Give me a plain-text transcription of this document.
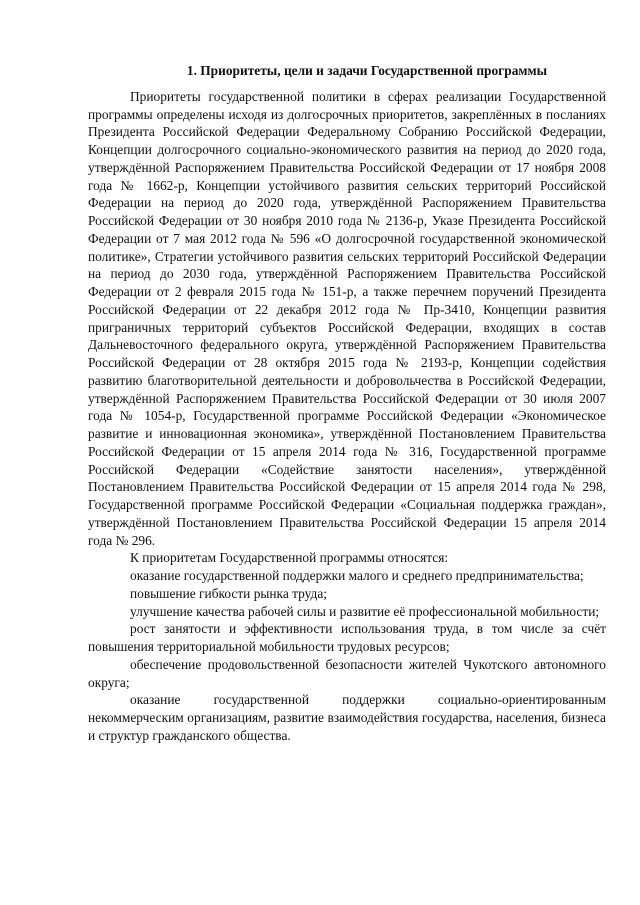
1. Приоритеты, цели и задачи Государственной программы

Приоритеты государственной политики в сферах реализации Государственной программы определены исходя из долгосрочных приоритетов, закреплённых в посланиях Президента Российской Федерации Федеральному Собранию Российской Федерации, Концепции долгосрочного социально-экономического развития на период до 2020 года, утверждённой Распоряжением Правительства Российской Федерации от 17 ноября 2008 года № 1662-р, Концепции устойчивого развития сельских территорий Российской Федерации на период до 2020 года, утверждённой Распоряжением Правительства Российской Федерации от 30 ноября 2010 года № 2136-р, Указе Президента Российской Федерации от 7 мая 2012 года № 596 «О долгосрочной государственной экономической политике», Стратегии устойчивого развития сельских территорий Российской Федерации на период до 2030 года, утверждённой Распоряжением Правительства Российской Федерации от 2 февраля 2015 года № 151-р, а также перечнем поручений Президента Российской Федерации от 22 декабря 2012 года № Пр-3410, Концепции развития приграничных территорий субъектов Российской Федерации, входящих в состав Дальневосточного федерального округа, утверждённой Распоряжением Правительства Российской Федерации от 28 октября 2015 года № 2193-р, Концепции содействия развитию благотворительной деятельности и добровольчества в Российской Федерации, утверждённой Распоряжением Правительства Российской Федерации от 30 июля 2007 года № 1054-р, Государственной программе Российской Федерации «Экономическое развитие и инновационная экономика», утверждённой Постановлением Правительства Российской Федерации от 15 апреля 2014 года № 316, Государственной программе Российской Федерации «Содействие занятости населения», утверждённой Постановлением Правительства Российской Федерации от 15 апреля 2014 года № 298, Государственной программе Российской Федерации «Социальная поддержка граждан», утверждённой Постановлением Правительства Российской Федерации 15 апреля 2014 года № 296.

К приоритетам Государственной программы относятся:

оказание государственной поддержки малого и среднего предпринимательства;

повышение гибкости рынка труда;

улучшение качества рабочей силы и развитие её профессиональной мобильности;

рост занятости и эффективности использования труда, в том числе за счёт повышения территориальной мобильности трудовых ресурсов;

обеспечение продовольственной безопасности жителей Чукотского автономного округа;

оказание государственной поддержки социально-ориентированным некоммерческим организациям, развитие взаимодействия государства, населения, бизнеса и структур гражданского общества.
